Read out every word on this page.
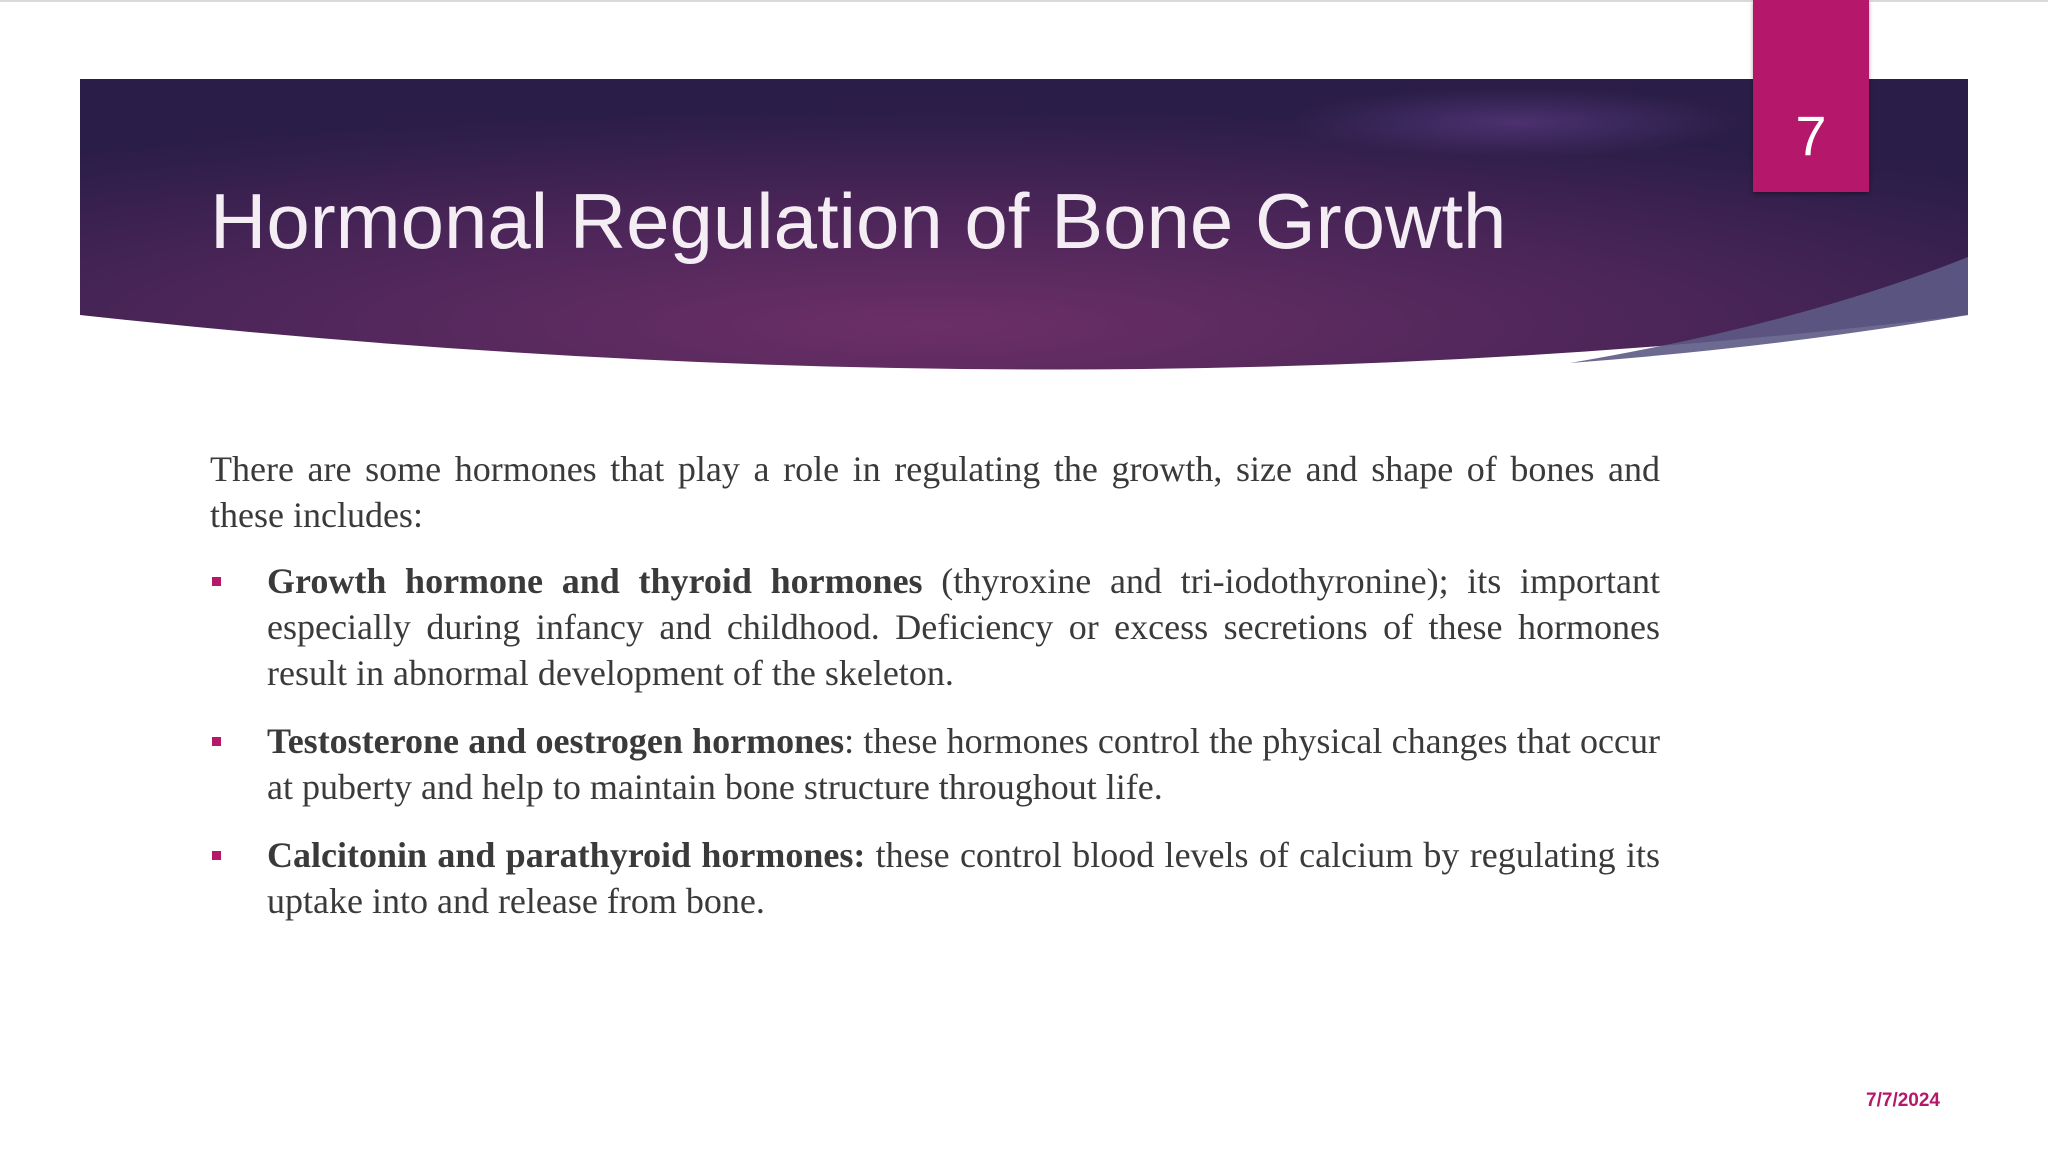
7
Hormonal Regulation of Bone Growth

There are some hormones that play a role in regulating the growth, size and shape of bones and these includes:

Growth hormone and thyroid hormones (thyroxine and tri-iodothyronine); its important especially during infancy and childhood. Deficiency or excess secretions of these hormones result in abnormal development of the skeleton.
Testosterone and oestrogen hormones: these hormones control the physical changes that occur at puberty and help to maintain bone structure throughout life.
Calcitonin and parathyroid hormones: these control blood levels of calcium by regulating its uptake into and release from bone.
7/7/2024
